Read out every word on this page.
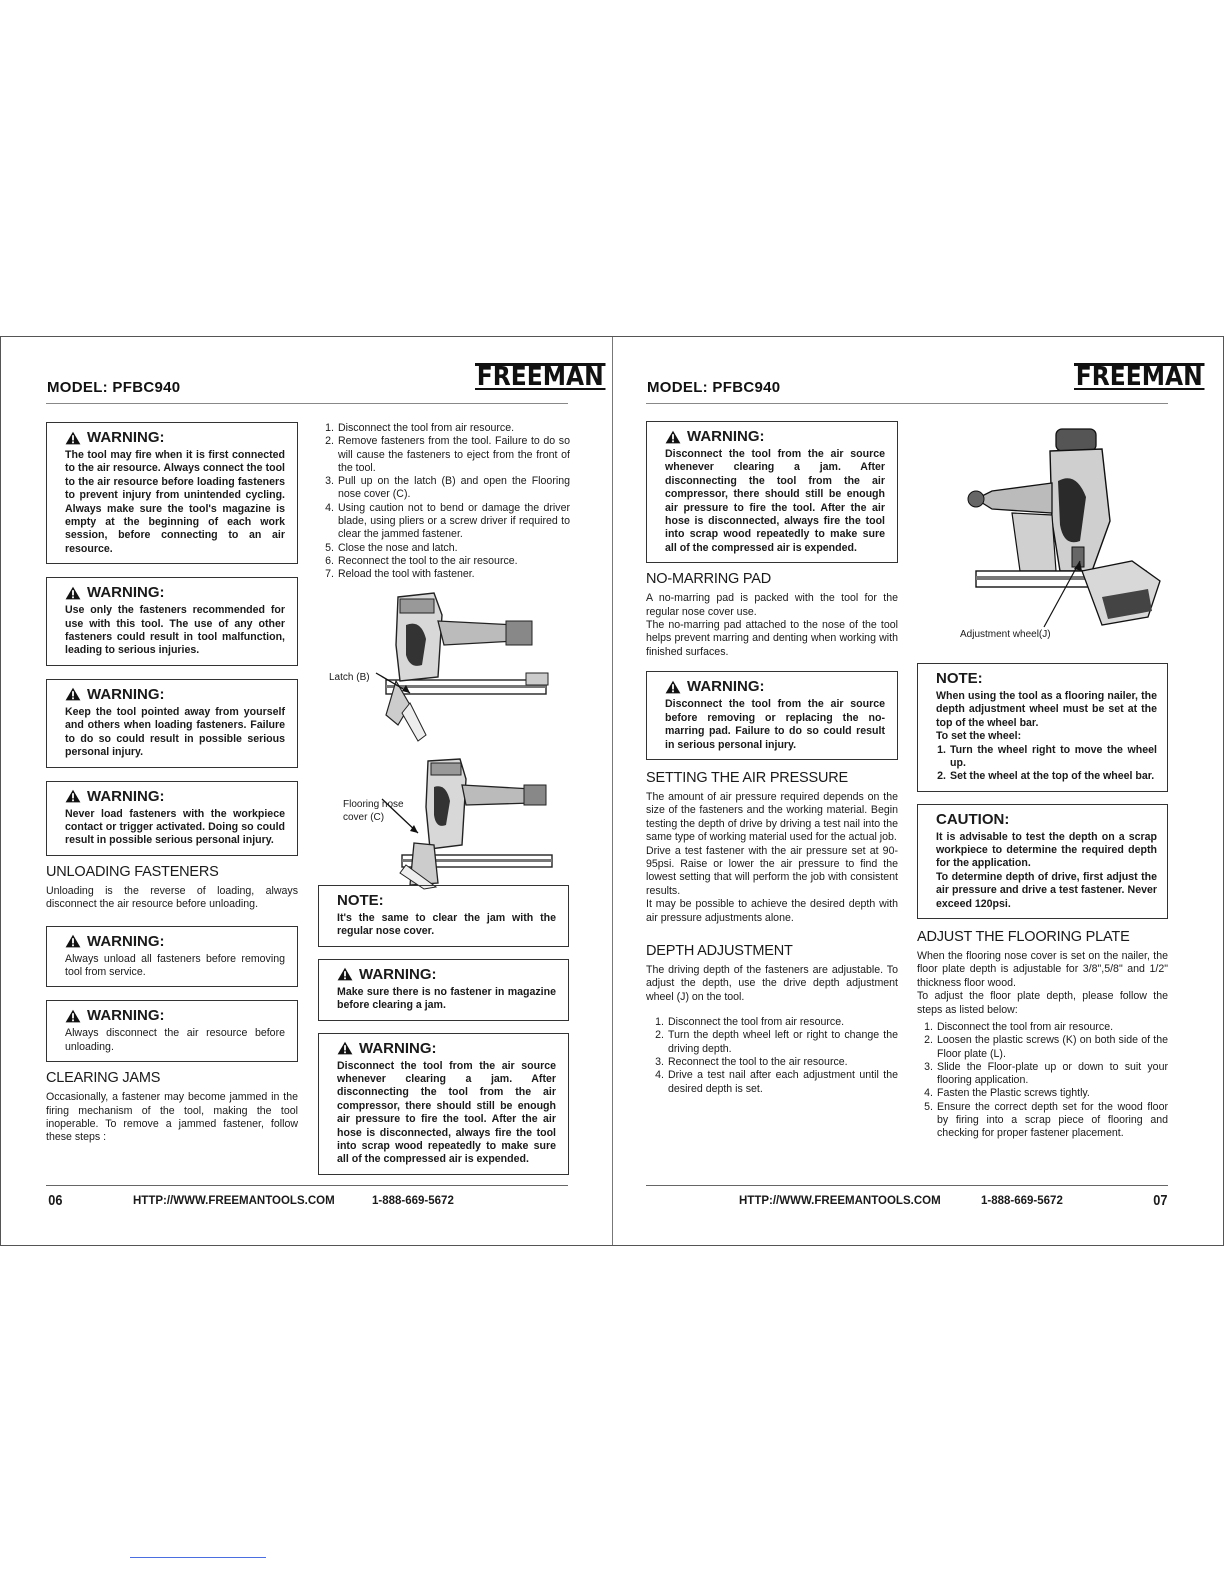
MODEL: PFBC940	FREEMAN
WARNING:
The tool may fire when it is first connected to the air resource. Always connect the tool to the air resource before loading fasteners to prevent injury from unintended cycling. Always make sure the tool's magazine is empty at the beginning of each work session, before connecting to an air resource.
WARNING:
Use only the fasteners recommended for use with this tool. The use of any other fasteners could result in tool malfunction, leading to serious injuries.
WARNING:
Keep the tool pointed away from yourself and others when loading fasteners. Failure to do so could result in possible serious personal injury.
WARNING:
Never load fasteners with the workpiece contact or trigger activated. Doing so could result in possible serious personal injury.
UNLOADING FASTENERS
Unloading is the reverse of loading, always disconnect the air resource before unloading.
WARNING:
Always unload all fasteners before removing tool from service.
WARNING:
Always disconnect the air resource before unloading.
CLEARING JAMS
Occasionally, a fastener may become jammed in the firing mechanism of the tool, making the tool inoperable. To remove a jammed fastener, follow these steps :
1. Disconnect the tool from air resource.
2. Remove fasteners from the tool. Failure to do so will cause the fasteners to eject from the front of the tool.
3. Pull up on the latch (B) and open the Flooring nose cover (C).
4. Using caution not to bend or damage the driver blade, using pliers or a screw driver if required to clear the jammed fastener.
5. Close the nose and latch.
6. Reconnect the tool to the air resource.
7. Reload the tool with fastener.
Latch (B)
Flooring nose
cover (C)
NOTE:
It's the same to clear the jam with the regular nose cover.
WARNING:
Make sure there is no fastener in magazine before clearing a jam.
WARNING:
Disconnect the tool from the air source whenever clearing a jam. After disconnecting the tool from the air compressor, there should still be enough air pressure to fire the tool. After the air hose is disconnected, always fire the tool into scrap wood repeatedly to make sure all of the compressed air is expended.
06	HTTP://WWW.FREEMANTOOLS.COM	1-888-669-5672
MODEL: PFBC940	FREEMAN
WARNING:
Disconnect the tool from the air source whenever clearing a jam. After disconnecting the tool from the air compressor, there should still be enough air pressure to fire the tool. After the air hose is disconnected, always fire the tool into scrap wood repeatedly to make sure all of the compressed air is expended.
NO-MARRING PAD
A no-marring pad is packed with the tool for the regular nose cover use.
The no-marring pad attached to the nose of the tool helps prevent marring and denting when working with finished surfaces.
WARNING:
Disconnect the tool from the air source before removing or replacing the no-marring pad. Failure to do so could result in serious personal injury.
SETTING THE AIR PRESSURE
The amount of air pressure required depends on the size of the fasteners and the working material. Begin testing the depth of drive by driving a test nail into the same type of working material used for the actual job.
Drive a test fastener with the air pressure set at 90-95psi. Raise or lower the air pressure to find the lowest setting that will perform the job with consistent results.
It may be possible to achieve the desired depth with air pressure adjustments alone.
DEPTH ADJUSTMENT
The driving depth of the fasteners are adjustable. To adjust the depth, use the drive depth adjustment wheel (J) on the tool.
1. Disconnect the tool from air resource.
2. Turn the depth wheel left or right to change the driving depth.
3. Reconnect the tool to the air resource.
4. Drive a test nail after each adjustment until the desired depth is set.
Adjustment wheel(J)
NOTE:
When using the tool as a flooring nailer, the depth adjustment wheel must be set at the top of the wheel bar.
To set the wheel:
1. Turn the wheel right to move the wheel up.
2. Set the wheel at the top of the wheel bar.
CAUTION:
It is advisable to test the depth on a scrap workpiece to determine the required depth for the application.
To determine depth of drive, first adjust the air pressure and drive a test fastener. Never exceed 120psi.
ADJUST THE FLOORING PLATE
When the flooring nose cover is set on the nailer, the floor plate depth is adjustable for 3/8",5/8" and 1/2" thickness floor wood.
To adjust the floor plate depth, please follow the steps as listed below:
1. Disconnect the tool from air resource.
2. Loosen the plastic screws (K) on both side of the Floor plate (L).
3. Slide the Floor-plate up or down to suit your flooring application.
4. Fasten the Plastic screws tightly.
5. Ensure the correct depth set for the wood floor by firing into a scrap piece of flooring and checking for proper fastener placement.
HTTP://WWW.FREEMANTOOLS.COM	1-888-669-5672	07
